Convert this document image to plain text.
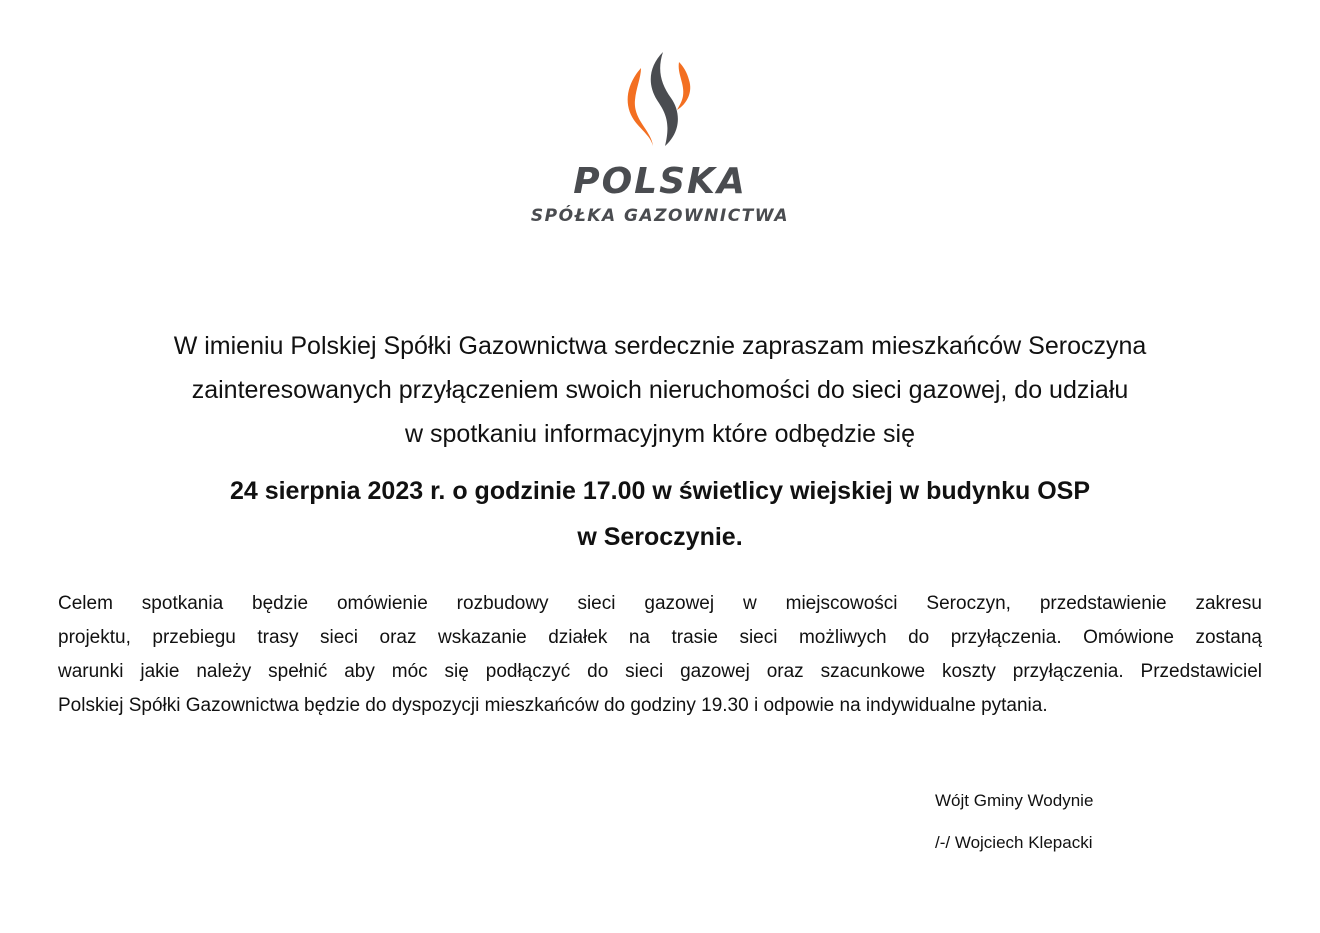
POLSKA
SPÓŁKA GAZOWNICTWA

W imieniu Polskiej Spółki Gazownictwa serdecznie zapraszam mieszkańców Seroczyna
zainteresowanych przyłączeniem swoich nieruchomości do sieci gazowej, do udziału
w spotkaniu informacyjnym które odbędzie się

24 sierpnia 2023 r. o godzinie 17.00 w świetlicy wiejskiej w budynku OSP
w Seroczynie.

Celem spotkania będzie omówienie rozbudowy sieci gazowej w miejscowości Seroczyn, przedstawienie zakresu
projektu, przebiegu trasy sieci oraz wskazanie działek na trasie sieci możliwych do przyłączenia. Omówione zostaną
warunki jakie należy spełnić aby móc się podłączyć do sieci gazowej oraz szacunkowe koszty przyłączenia. Przedstawiciel
Polskiej Spółki Gazownictwa będzie do dyspozycji mieszkańców do godziny 19.30 i odpowie na indywidualne pytania.

Wójt Gminy Wodynie
/-/ Wojciech Klepacki
